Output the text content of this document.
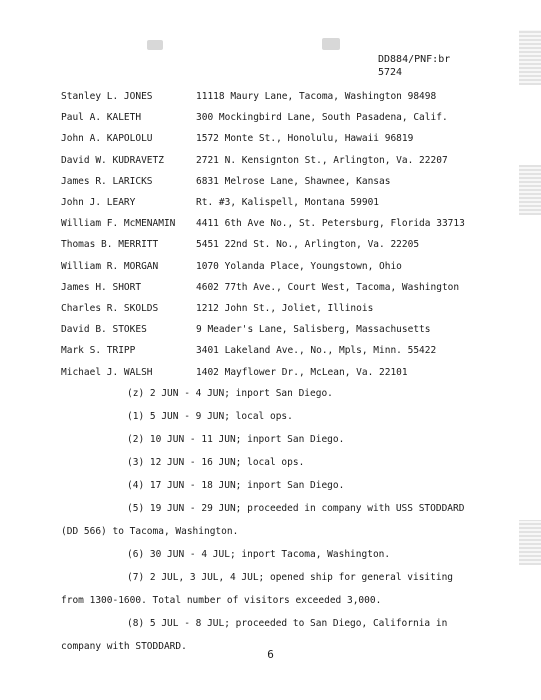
DD884/PNF:br
5724
Stanley L. JONES	11118 Maury Lane, Tacoma, Washington 98498
Paul A. KALETH	300 Mockingbird Lane, South Pasadena, Calif.
John A. KAPOLOLU	1572 Monte St., Honolulu, Hawaii 96819
David W. KUDRAVETZ	2721 N. Kensignton St., Arlington, Va. 22207
James R. LARICKS	6831 Melrose Lane, Shawnee, Kansas
John J. LEARY	Rt. #3, Kalispell, Montana 59901
William F. McMENAMIN	4411 6th Ave No., St. Petersburg, Florida 33713
Thomas B. MERRITT	5451 22nd St. No., Arlington, Va. 22205
William R. MORGAN	1070 Yolanda Place, Youngstown, Ohio
James H. SHORT	4602 77th Ave., Court West, Tacoma, Washington
Charles R. SKOLDS	1212 John St., Joliet, Illinois
David B. STOKES	9 Meader's Lane, Salisberg, Massachusetts
Mark S. TRIPP	3401 Lakeland Ave., No., Mpls, Minn. 55422
Michael J. WALSH	1402 Mayflower Dr., McLean, Va. 22101
(z) 2 JUN - 4 JUN; inport San Diego.
(1) 5 JUN - 9 JUN; local ops.
(2) 10 JUN - 11 JUN; inport San Diego.
(3) 12 JUN - 16 JUN; local ops.
(4) 17 JUN - 18 JUN; inport San Diego.
(5) 19 JUN - 29 JUN; proceeded in company with USS STODDARD
(DD 566) to Tacoma, Washington.
(6) 30 JUN - 4 JUL; inport Tacoma, Washington.
(7) 2 JUL, 3 JUL, 4 JUL; opened ship for general visiting
from 1300-1600. Total number of visitors exceeded 3,000.
(8) 5 JUL - 8 JUL; proceeded to San Diego, California in
company with STODDARD.
6
